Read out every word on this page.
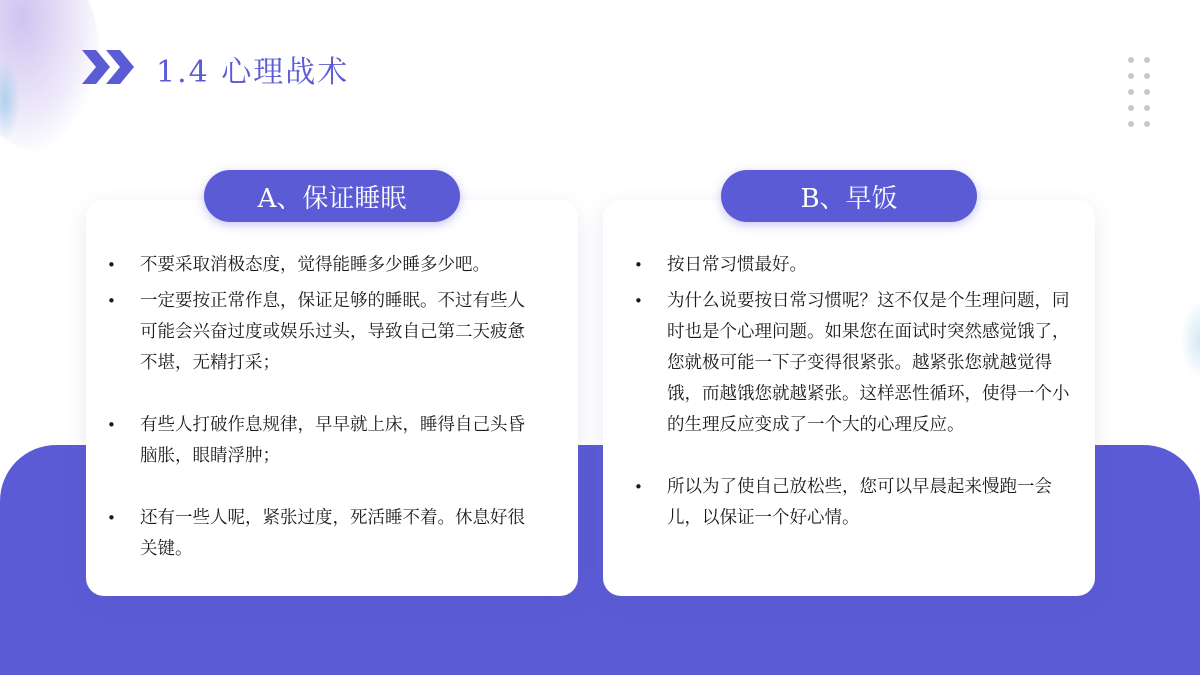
1.4 心理战术
A、保证睡眠	B、早饭
• 不要采取消极态度，觉得能睡多少睡多少吧。
• 一定要按正常作息，保证足够的睡眠。不过有些人可能会兴奋过度或娱乐过头，导致自己第二天疲惫不堪，无精打采；
• 有些人打破作息规律，早早就上床，睡得自己头昏脑胀，眼睛浮肿；
• 还有一些人呢，紧张过度，死活睡不着。休息好很关键。
• 按日常习惯最好。
• 为什么说要按日常习惯呢？这不仅是个生理问题，同时也是个心理问题。如果您在面试时突然感觉饿了，您就极可能一下子变得很紧张。越紧张您就越觉得饿，而越饿您就越紧张。这样恶性循环，使得一个小的生理反应变成了一个大的心理反应。
• 所以为了使自己放松些，您可以早晨起来慢跑一会儿，以保证一个好心情。
